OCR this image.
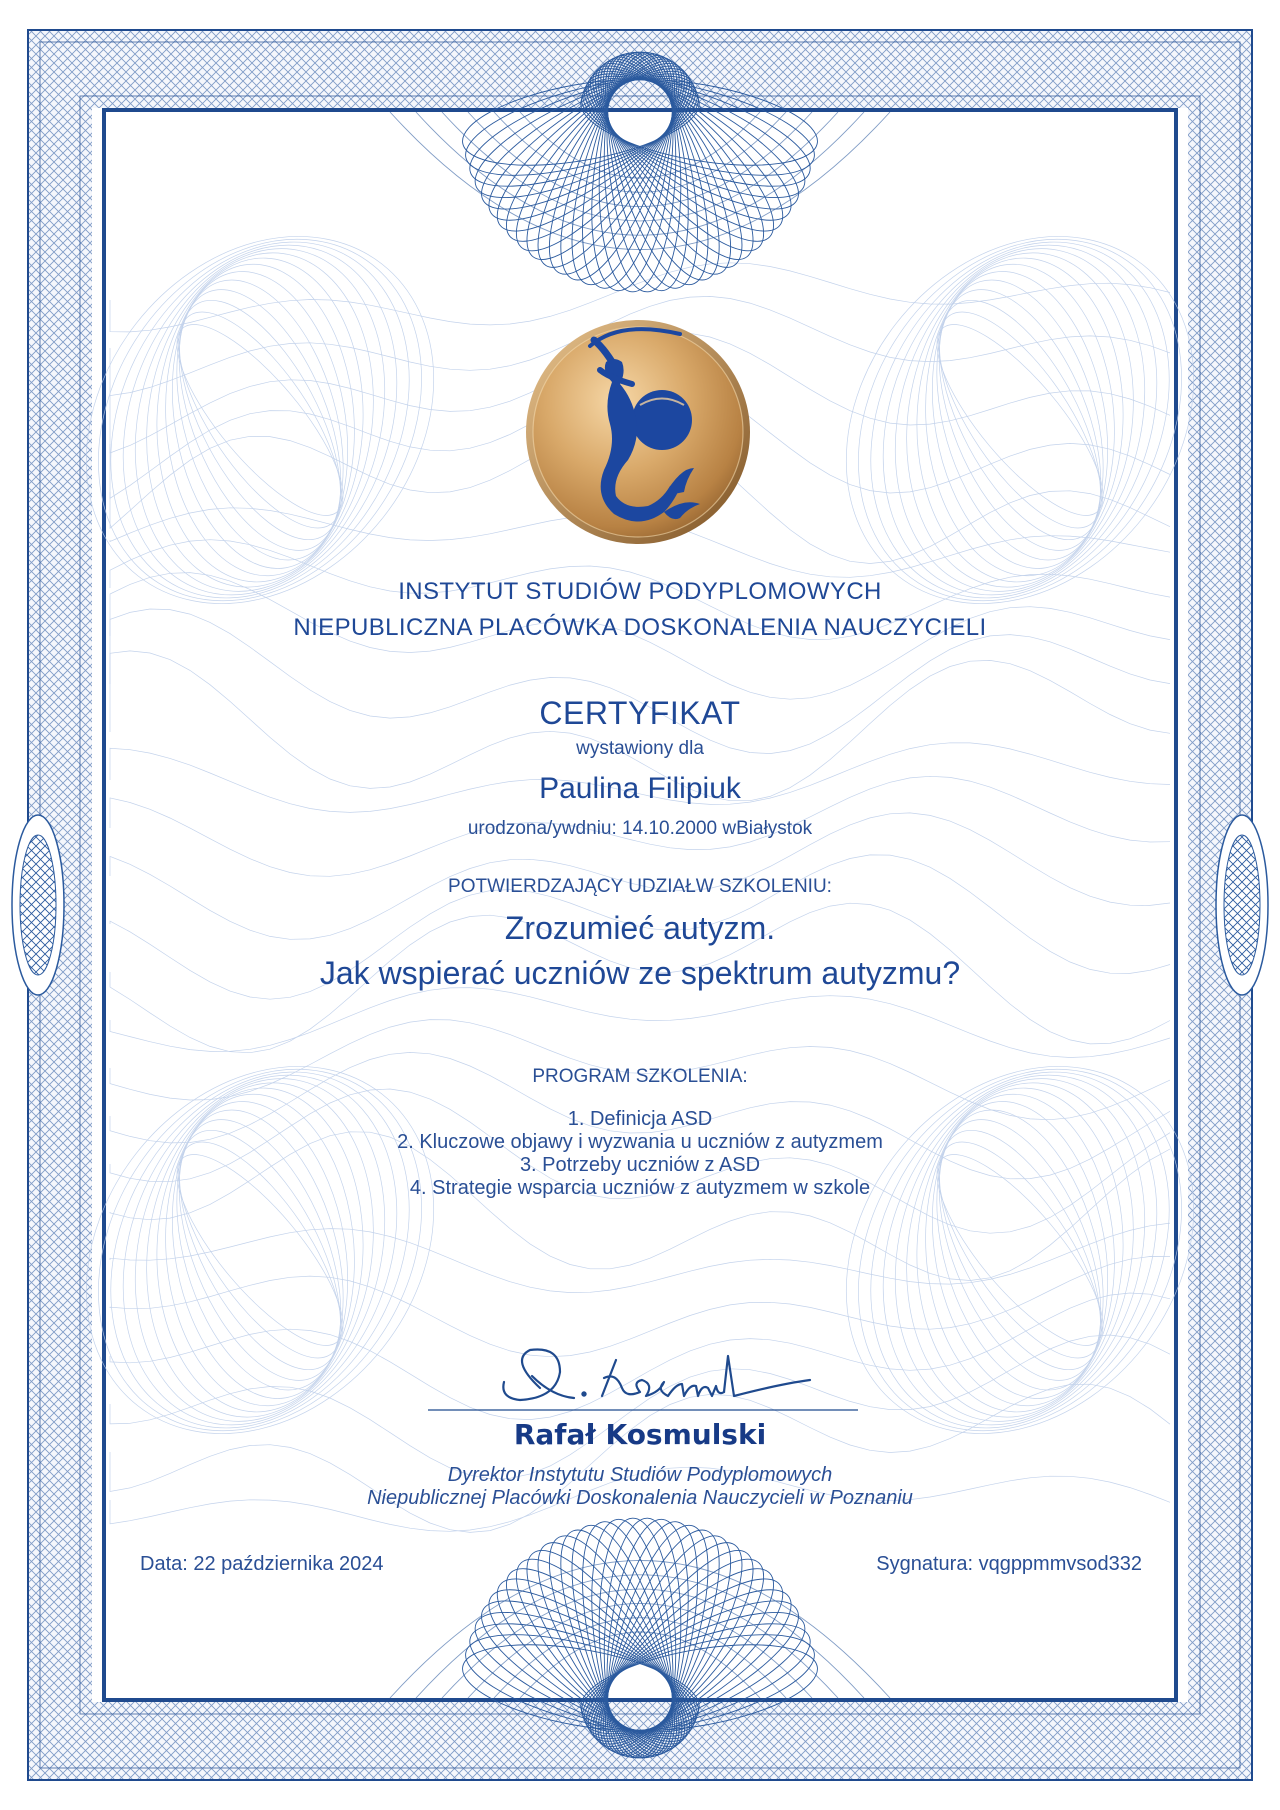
INSTYTUT STUDIÓW PODYPLOMOWYCH
NIEPUBLICZNA PLACÓWKA DOSKONALENIA NAUCZYCIELI
CERTYFIKAT
wystawiony dla
Paulina Filipiuk
urodzona/ywdniu: 14.10.2000 wBiałystok
POTWIERDZAJĄCY UDZIAŁW SZKOLENIU:
Zrozumieć autyzm.
Jak wspierać uczniów ze spektrum autyzmu?
PROGRAM SZKOLENIA:
1. Definicja ASD
2. Kluczowe objawy i wyzwania u uczniów z autyzmem
3. Potrzeby uczniów z ASD
4. Strategie wsparcia uczniów z autyzmem w szkole
Rafał Kosmulski
Dyrektor Instytutu Studiów Podyplomowych
Niepublicznej Placówki Doskonalenia Nauczycieli w Poznaniu
Data: 22 października 2024	Sygnatura: vqgppmmvsod332
